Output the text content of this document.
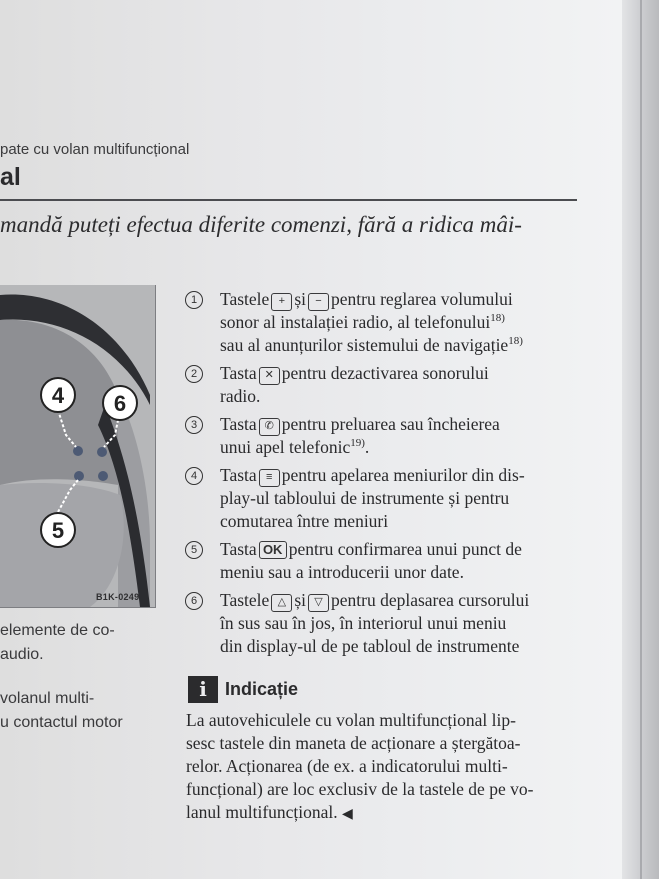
pate cu volan multifuncțional
al
mandă puteți efectua diferite comenzi, fără a ridica mâi-
4 6
5
B1K-0249
elemente de co-
audio.
volanul multi-
u contactul motor
1	Tastele + și − pentru reglarea volumului
sonor al instalației radio, al telefonului$^{18)}$
sau al anunțurilor sistemului de navigație$^{18)}$
2	Tasta ✕ pentru dezactivarea sonorului
radio.
3	Tasta ✆ pentru preluarea sau încheierea
unui apel telefonic$^{19)}$.
4	Tasta ≡ pentru apelarea meniurilor din dis-
play-ul tabloului de instrumente și pentru
comutarea între meniuri
5	Tasta OK pentru confirmarea unui punct de
meniu sau a introducerii unor date.
6	Tastele △ și ▽ pentru deplasarea cursorului
în sus sau în jos, în interiorul unui meniu
din display-ul de pe tabloul de instrumente
i	Indicație
La autovehiculele cu volan multifuncțional lip-
sesc tastele din maneta de acționare a ștergătoa-
relor. Acționarea (de ex. a indicatorului multi-
funcțional) are loc exclusiv de la tastele de pe vo-
lanul multifuncțional. ◀
